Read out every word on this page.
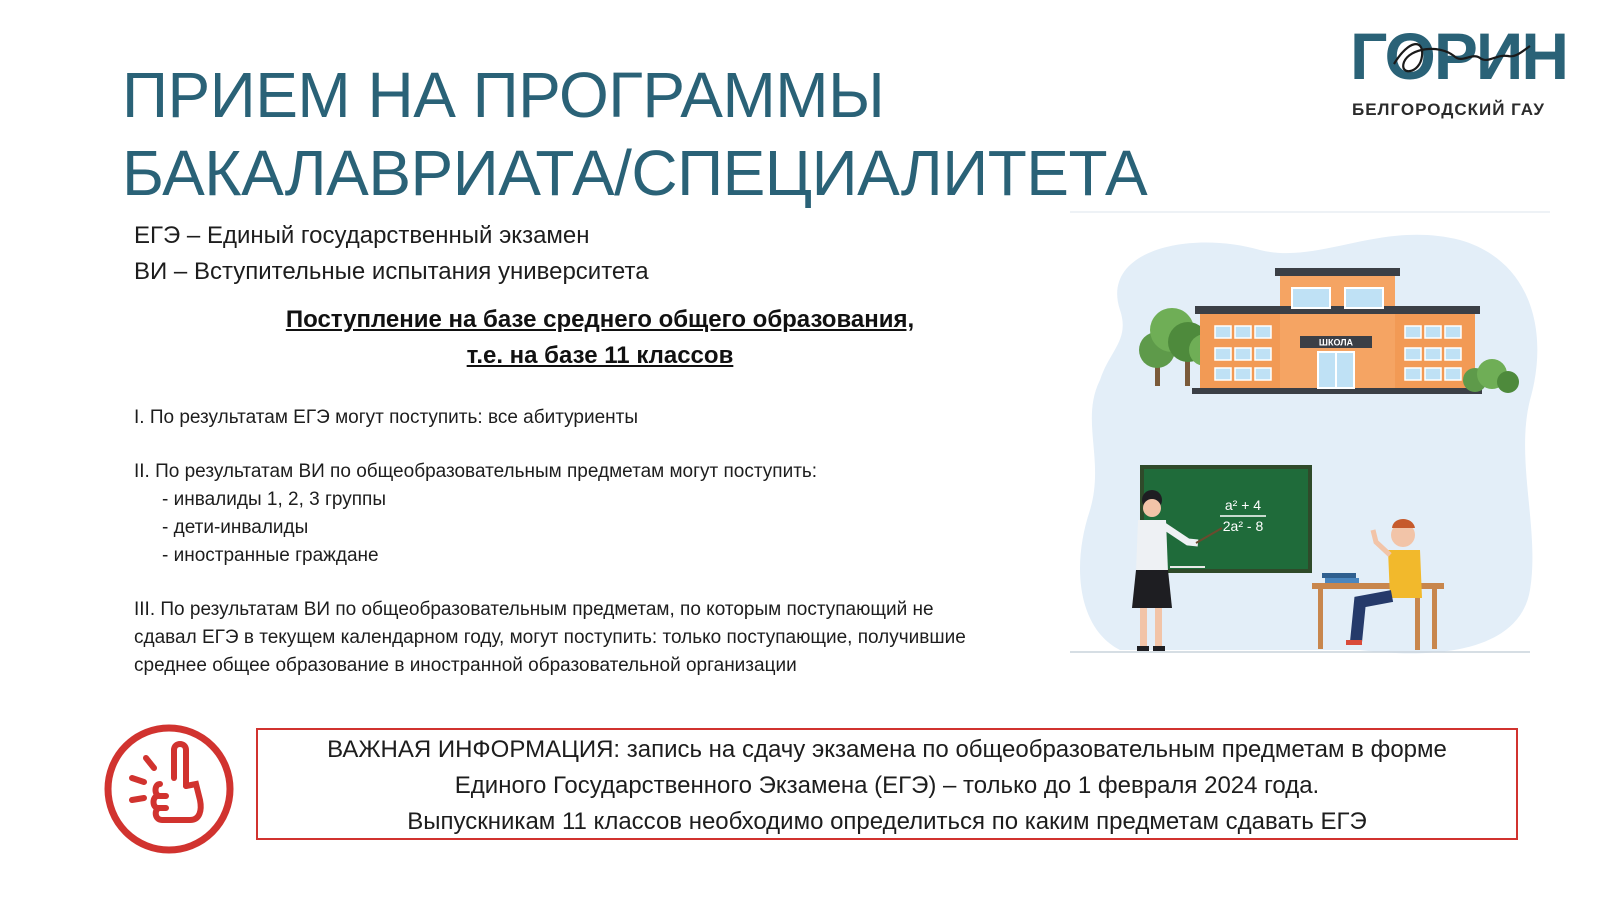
ПРИЕМ НА ПРОГРАММЫ
БАКАЛАВРИАТА/СПЕЦИАЛИТЕТА
ГОРИН
БЕЛГОРОДСКИЙ ГАУ
ЕГЭ – Единый государственный экзамен
ВИ – Вступительные испытания университета
Поступление на базе среднего общего образования,
т.е. на базе 11 классов
I. По результатам ЕГЭ могут поступить: все абитуриенты
II. По результатам ВИ по общеобразовательным предметам могут поступить:
- инвалиды 1, 2, 3 группы
- дети-инвалиды
- иностранные граждане
III. По результатам ВИ по общеобразовательным предметам, по которым поступающий не
сдавал ЕГЭ в текущем календарном году, могут поступить: только поступающие, получившие
среднее общее образование в иностранной образовательной организации
ШКОЛА
a² + 4
2a² - 8
ВАЖНАЯ ИНФОРМАЦИЯ: запись на сдачу экзамена по общеобразовательным предметам в форме
Единого Государственного Экзамена (ЕГЭ) – только до 1 февраля 2024 года.
Выпускникам 11 классов необходимо определиться по каким предметам сдавать ЕГЭ
